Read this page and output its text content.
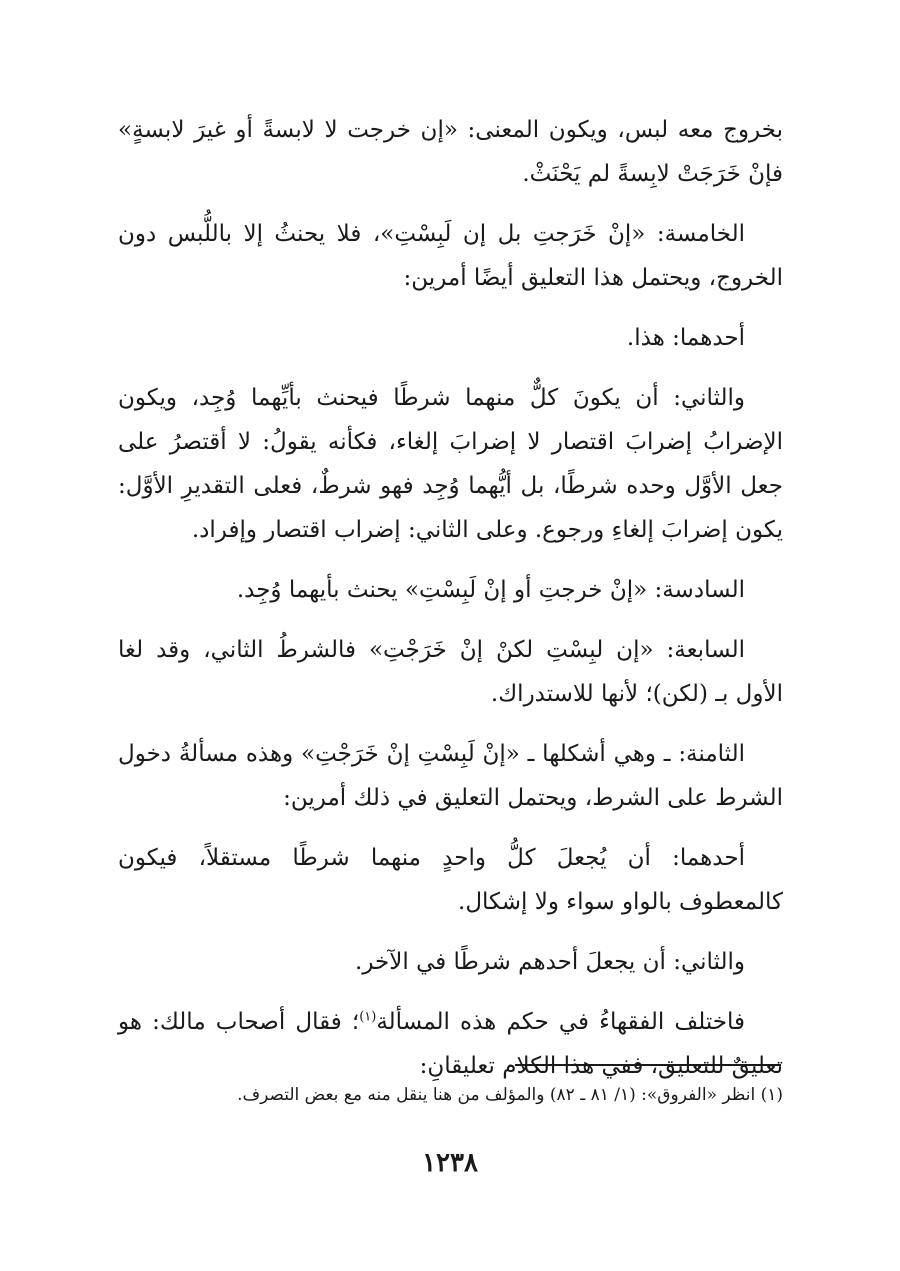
بخروج معه لبس، ويكون المعنى: «إن خرجت لا لابسةً أو غيرَ لابسةٍ» فإنْ خَرَجَتْ لابِسةً لم يَحْنَثْ.

الخامسة: «إنْ خَرَجتِ بل إن لَبِسْتِ»، فلا يحنثُ إلا باللُّبس دون الخروج، ويحتمل هذا التعليق أيضًا أمرين:

أحدهما: هذا.

والثاني: أن يكونَ كلٌّ منهما شرطًا فيحنث بأيِّهما وُجِد، ويكون الإضرابُ إضرابَ اقتصار لا إضرابَ إلغاء، فكأنه يقولُ: لا أقتصرُ على جعل الأوَّل وحده شرطًا، بل أيُّهما وُجِد فهو شرطٌ، فعلى التقديرِ الأوَّل: يكون إضرابَ إلغاءِ ورجوع. وعلى الثاني: إضراب اقتصار وإفراد.

السادسة: «إنْ خرجتِ أو إنْ لَبِسْتِ» يحنث بأيهما وُجِد.

السابعة: «إن لبِسْتِ لكنْ إنْ خَرَجْتِ» فالشرطُ الثاني، وقد لغا الأول بـ (لكن)؛ لأنها للاستدراك.

الثامنة: ـ وهي أشكلها ـ «إنْ لَبِسْتِ إنْ خَرَجْتِ» وهذه مسألةُ دخول الشرط على الشرط، ويحتمل التعليق في ذلك أمرين:

أحدهما: أن يُجعلَ كلُّ واحدٍ منهما شرطًا مستقلاً، فيكون كالمعطوف بالواو سواء ولا إشكال.

والثاني: أن يجعلَ أحدهم شرطًا في الآخر.

فاختلف الفقهاءُ في حكم هذه المسألة$^{(١)}$؛ فقال أصحاب مالك: هو تعليقٌ للتعليق، ففي هذا الكلام تعليقانِ:

(١) انظر «الفروق»: (١/ ٨١ ـ ٨٢) والمؤلف من هنا ينقل منه مع بعض التصرف.
١٢٣٨
